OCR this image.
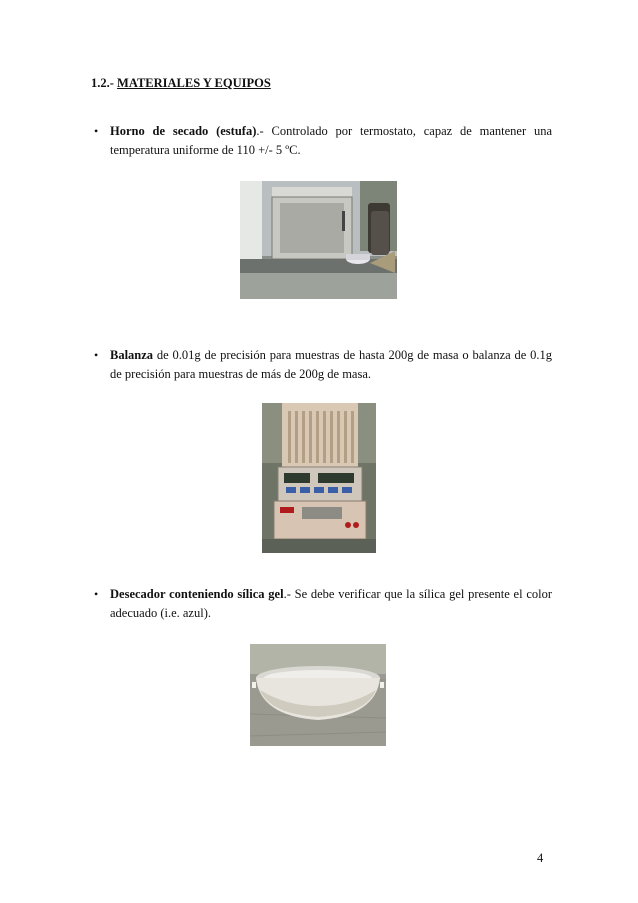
1.2.- MATERIALES Y EQUIPOS
• Horno de secado (estufa).- Controlado por termostato, capaz de mantener una temperatura uniforme de 110 +/- 5 ºC.
• Balanza de 0.01g de precisión para muestras de hasta 200g de masa o balanza de 0.1g de precisión para muestras de más de 200g de masa.
• Desecador conteniendo sílica gel.- Se debe verificar que la sílica gel presente el color adecuado (i.e. azul).
4
